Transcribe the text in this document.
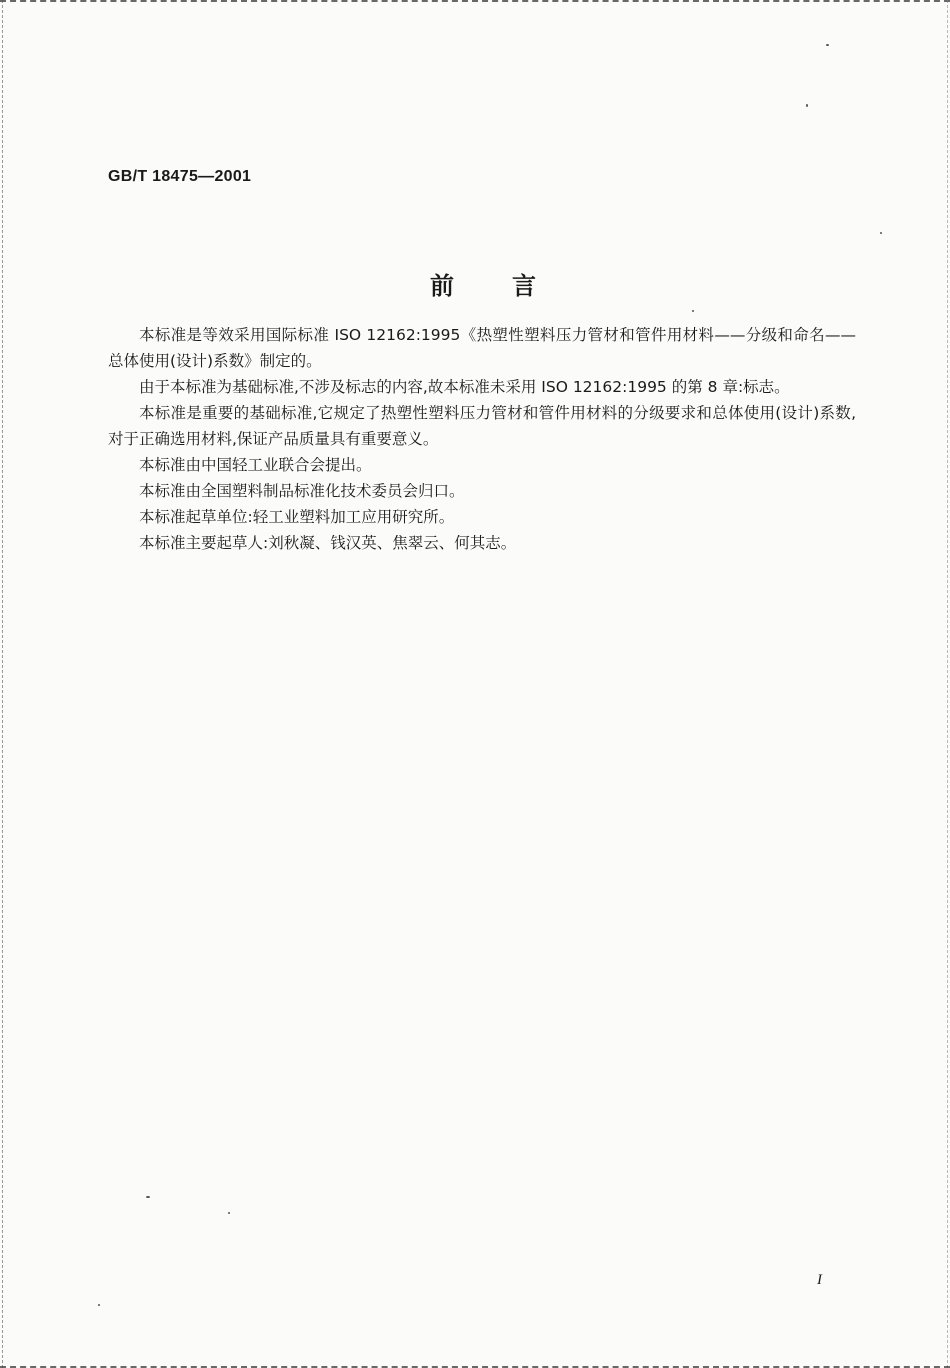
GB/T 18475—2001
前言

本标准是等效采用国际标准 ISO 12162:1995《热塑性塑料压力管材和管件用材料——分级和命名——总体使用(设计)系数》制定的。

由于本标准为基础标准,不涉及标志的内容,故本标准未采用 ISO 12162:1995 的第 8 章:标志。

本标准是重要的基础标准,它规定了热塑性塑料压力管材和管件用材料的分级要求和总体使用(设计)系数,对于正确选用材料,保证产品质量具有重要意义。

本标准由中国轻工业联合会提出。

本标准由全国塑料制品标准化技术委员会归口。

本标准起草单位:轻工业塑料加工应用研究所。

本标准主要起草人:刘秋凝、钱汉英、焦翠云、何其志。

I
